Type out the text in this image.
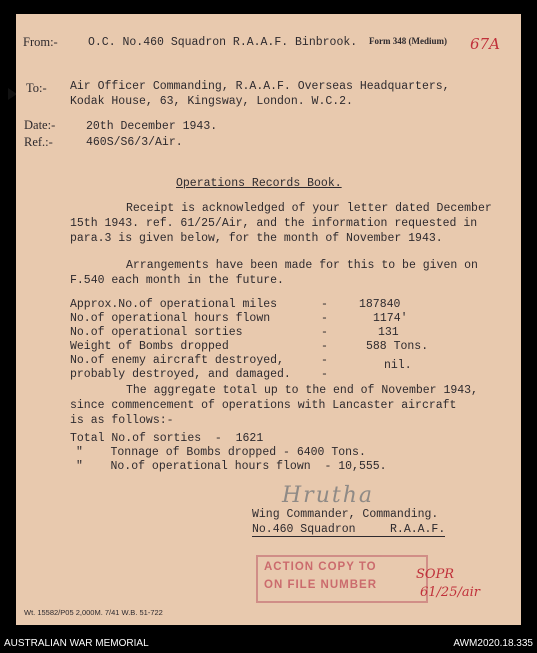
From:-	O.C. No.460 Squadron R.A.A.F. Binbrook. Form 348 (Medium) 67A
To:- Air Officer Commanding, R.A.A.F. Overseas Headquarters,
Kodak House, 63, Kingsway, London. W.C.2.
Date:-	20th December 1943.
Ref.:-	460S/S6/3/Air.
Operations Records Book.
Receipt is acknowledged of your letter dated December
15th 1943. ref. 61/25/Air, and the information requested in
para.3 is given below, for the month of November 1943.
Arrangements have been made for this to be given on
F.540 each month in the future.
Approx.No.of operational miles	-	187840
No.of operational hours flown	-	1174'
No.of operational sorties	-	131
Weight of Bombs dropped	-	588 Tons.
No.of enemy aircraft destroyed,	-	nil.
probably destroyed, and damaged.	-
The aggregate total up to the end of November 1943,
since commencement of operations with Lancaster aircraft
is as follows:-
Total No.of sorties  -  1621
"    Tonnage of Bombs dropped - 6400 Tons.
"    No.of operational hours flown  - 10,555.
Hrutha
Wing Commander, Commanding.
No.460 Squadron     R.A.A.F.
Wt. 15582/P05 2,000M. 7/41 W.B. 51-722
ACTION COPY TO
ON FILE NUMBER
SOPR
61/25/air
AUSTRALIAN WAR MEMORIAL	AWM2020.18.335
